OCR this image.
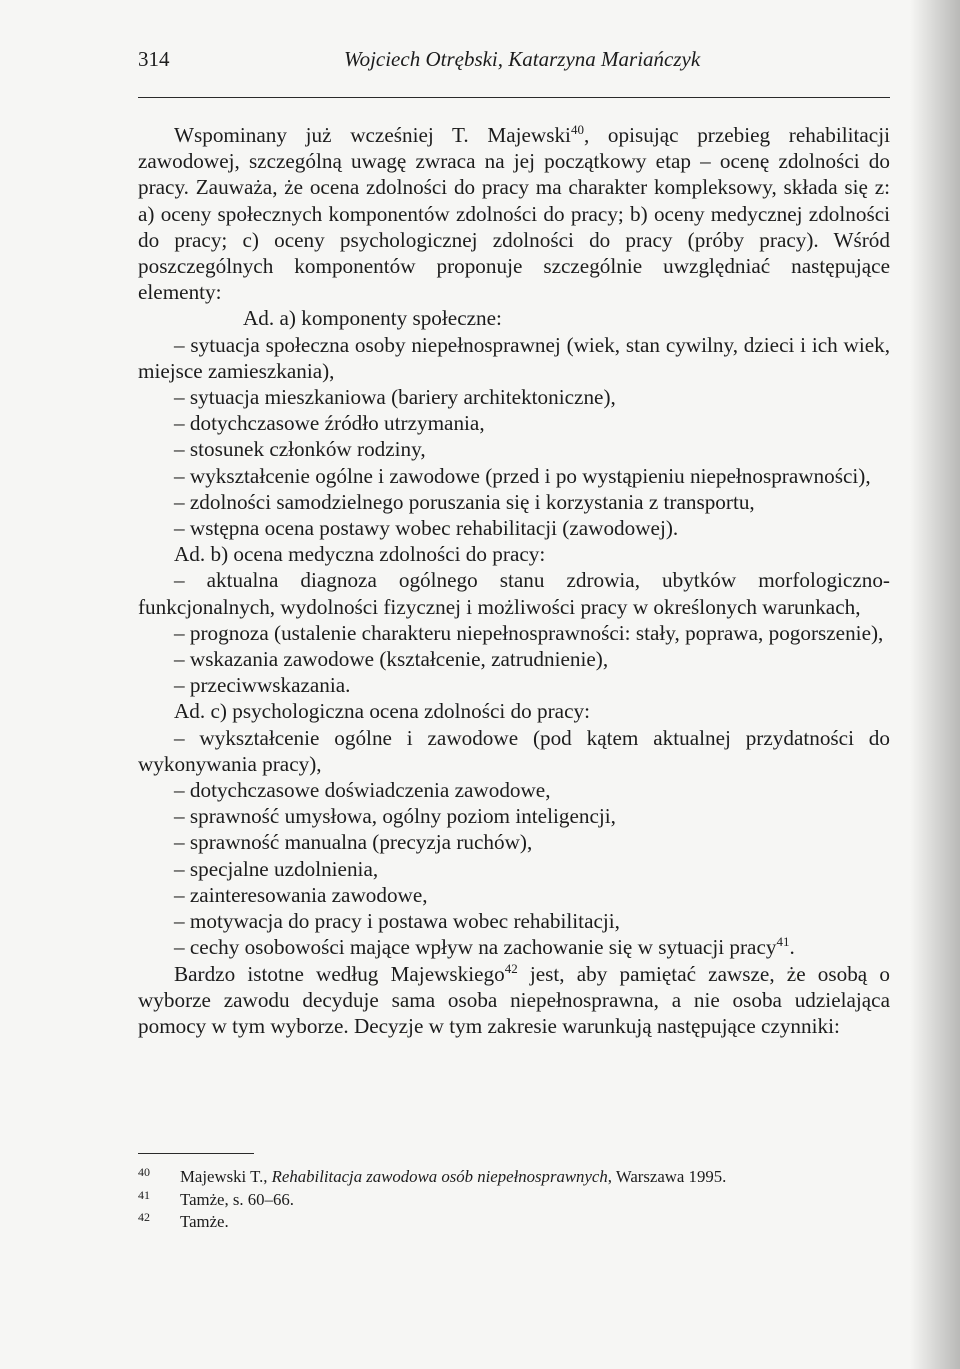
314	Wojciech Otrębski, Katarzyna Mariańczyk

Wspominany już wcześniej T. Majewski$^{40}$, opisując przebieg rehabilitacji zawodowej, szczególną uwagę zwraca na jej początkowy etap – ocenę zdolności do pracy. Zauważa, że ocena zdolności do pracy ma charakter kompleksowy, składa się z: a) oceny społecznych komponentów zdolności do pracy; b) oceny medycznej zdolności do pracy; c) oceny psychologicznej zdolności do pracy (próby pracy). Wśród poszczególnych komponentów proponuje szczególnie uwzględniać następujące elementy:

Ad. a) komponenty społeczne:

– sytuacja społeczna osoby niepełnosprawnej (wiek, stan cywilny, dzieci i ich wiek, miejsce zamieszkania),

– sytuacja mieszkaniowa (bariery architektoniczne),

– dotychczasowe źródło utrzymania,

– stosunek członków rodziny,

– wykształcenie ogólne i zawodowe (przed i po wystąpieniu niepełnosprawności),

– zdolności samodzielnego poruszania się i korzystania z transportu,

– wstępna ocena postawy wobec rehabilitacji (zawodowej).

Ad. b) ocena medyczna zdolności do pracy:

– aktualna diagnoza ogólnego stanu zdrowia, ubytków morfologiczno-funkcjonalnych, wydolności fizycznej i możliwości pracy w określonych warunkach,

– prognoza (ustalenie charakteru niepełnosprawności: stały, poprawa, pogorszenie),

– wskazania zawodowe (kształcenie, zatrudnienie),

– przeciwwskazania.

Ad. c) psychologiczna ocena zdolności do pracy:

– wykształcenie ogólne i zawodowe (pod kątem aktualnej przydatności do wykonywania pracy),

– dotychczasowe doświadczenia zawodowe,

– sprawność umysłowa, ogólny poziom inteligencji,

– sprawność manualna (precyzja ruchów),

– specjalne uzdolnienia,

– zainteresowania zawodowe,

– motywacja do pracy i postawa wobec rehabilitacji,

– cechy osobowości mające wpływ na zachowanie się w sytuacji pracy$^{41}$.

Bardzo istotne według Majewskiego$^{42}$ jest, aby pamiętać zawsze, że osobą o wyborze zawodu decyduje sama osoba niepełnosprawna, a nie osoba udzielająca pomocy w tym wyborze. Decyzje w tym zakresie warunkują następujące czynniki:

40 Majewski T., Rehabilitacja zawodowa osób niepełnosprawnych, Warszawa 1995.
41 Tamże, s. 60–66.
42 Tamże.
